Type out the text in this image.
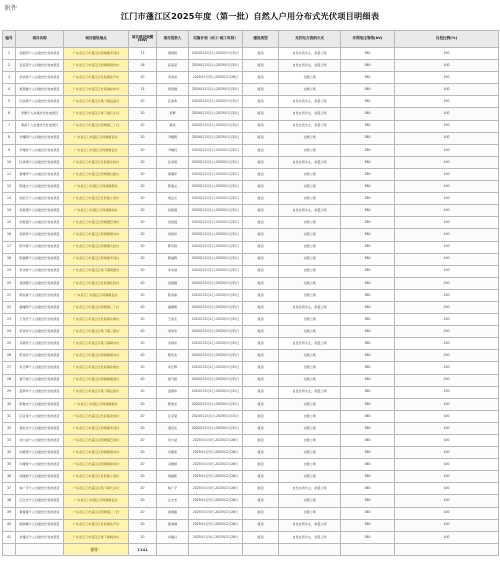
附件
江门市蓬江区2025年度（第一批）自然人户用分布式光伏项目明细表
编号	项目名称	项目建设地点	项目建设规模(kW)	项目投资人	实施计划（动工-竣工时间）	建设类型	光伏电力消纳方式	并网电压等级(kV)	自投比例(%)
1	谭炳阳个人自建光伏发电项目	广东省江门市蓬江区荷塘镇禾冈村	13	谭炳阳	2024年12月1日-2025年1月31日	屋顶	自发自用为主，余量上网	380	100
2	张家荣个人自建光伏发电项目	广东省江门市蓬江区荷塘镇塔岗村	16	张家荣	2024年12月1日-2025年1月31日	屋顶	自发自用为主，余量上网	380	100
3	李沛堂个人自建光伏发电项目	广东省江门市蓬江区杜阮镇北芦村	20	李沛堂	2025年1月5日-2025年2月28日	屋顶	全额上网	380	100
4	黄恩楠个人自建光伏发电项目	广东省江门市蓬江区杜阮镇松岭村	15	黄恩楠	2024年11月1日-2025年1月31日	屋顶	全额上网	380	100
5	区润欢个人自建光伏发电项目	广东省江门市蓬江区棠下镇良溪村	20	区润欢	2024年12月1日-2025年1月31日	屋顶	自发自用为主，余量上网	380	100
6	李群个人自建光伏发电项目	广东省江门市蓬江区棠下镇石头村	20	李群	2024年12月1日-2025年1月31日	屋顶	自发自用为主，余量上网	380	100
7	黄庭个人自建光伏发电项目	广东省江门市蓬江区荷塘镇三丫村	20	黄庭	2024年12月1日-2025年1月31日	屋顶	自发自用为主，余量上网	380	100
8	尹耀明个人自建光伏发电项目	广东省江门市蓬江区荷塘镇良村	20	尹耀明	2024年12月1日-2025年1月31日	屋顶	全额上网	380	100
9	尹耀柱个人自建光伏发电项目	广东省江门市蓬江区荷塘镇良村	20	尹耀柱	2024年12月1日-2025年1月31日	屋顶	全额上网	380	100
10	区卓棠个人自建光伏发电项目	广东省江门市蓬江区杜阮镇龙榜村	20	区卓棠	2024年12月1日-2025年1月31日	屋顶	自发自用为主，余量上网	380	100
11	黄耀军个人自建光伏发电项目	广东省江门市蓬江区荷塘镇白藤村	20	黄耀军	2024年12月1日-2025年1月31日	屋顶	全额上网	380	100
12	陈建文个人自建光伏发电项目	广东省江门市蓬江区荷塘镇霞村	20	陈建文	2024年12月1日-2025年1月31日	屋顶	全额上网	380	100
13	胡启元个人自建光伏发电项目	广东省江门市蓬江区杜阮镇上巷村	20	胡启元	2024年12月1日-2025年1月31日	屋顶	全额上网	380	100
14	容智强个人自建光伏发电项目	广东省江门市蓬江区荷塘镇南村	20	容智强	2024年12月1日-2025年1月31日	屋顶	自发自用为主，余量上网	380	100
15	冼智超个人自建光伏发电项目	广东省江门市蓬江区荷塘镇篁湾村	20	冼智超	2024年12月1日-2025年1月31日	屋顶	全额上网	380	100
16	刘荣祥个人自建光伏发电项目	广东省江门市蓬江区荷塘镇塔岗村	20	刘荣祥	2024年12月1日-2025年1月31日	屋顶	全额上网	380	100
17	陈华锋个人自建光伏发电项目	广东省江门市蓬江区荷塘镇为民村	20	陈华锋	2024年12月1日-2025年1月31日	屋顶	全额上网	380	100
18	陈福辉个人自建光伏发电项目	广东省江门市蓬江区荷塘镇禾冈村	20	陈福辉	2024年12月1日-2025年1月31日	屋顶	全额上网	380	100
19	李永财个人自建光伏发电项目	广东省江门市蓬江区棠下镇周郡村	20	李永财	2024年12月1日-2025年1月31日	屋顶	全额上网	380	100
20	袁国强个人自建光伏发电项目	广东省江门市蓬江区杜阮镇杜阮村	20	袁国强	2024年12月1日-2025年1月31日	屋顶	全额上网	380	100
21	陈家豪个人自建光伏发电项目	广东省江门市蓬江区荷塘镇良村	20	陈家豪	2024年12月1日-2025年1月31日	屋顶	全额上网	380	100
22	谢耀明个人自建光伏发电项目	广东省江门市蓬江区荷塘镇三丫村	20	谢耀明	2024年12月1日-2025年1月31日	屋顶	自发自用为主，余量上网	380	100
23	王伟忠个人自建光伏发电项目	广东省江门市蓬江区杜阮镇木朗村	20	王伟忠	2024年12月1日-2025年1月31日	屋顶	全额上网	380	100
24	李伟华个人自建光伏发电项目	广东省江门市蓬江区棠下镇三堡村	20	李伟华	2024年12月1日-2025年1月31日	屋顶	全额上网	380	100
25	邓锦泉个人自建光伏发电项目	广东省江门市蓬江区棠下镇桐井村	20	邓锦泉	2024年12月1日-2025年1月31日	屋顶	自发自用为主，余量上网	380	100
26	陈伟杰个人自建光伏发电项目	广东省江门市蓬江区荷塘镇塔岗村	20	陈伟杰	2024年12月1日-2025年1月31日	屋顶	全额上网	380	100
27	李志辉个人自建光伏发电项目	广东省江门市蓬江区杜阮镇井根村	20	李志辉	2024年12月1日-2025年1月31日	屋顶	全额上网	380	100
28	黄乃裕个人自建光伏发电项目	广东省江门市蓬江区荷塘镇康溪村	20	黄乃裕	2024年12月1日-2025年1月31日	屋顶	全额上网	380	100
29	温锦华个人自建光伏发电项目	广东省江门市蓬江区棠下镇良溪村	20	温锦华	2024年12月1日-2025年1月31日	屋顶	自发自用为主，余量上网	380	100
30	陈俊杰个人自建光伏发电项目	广东省江门市蓬江区荷塘镇霞村	20	陈俊杰	2024年12月1日-2025年1月31日	屋顶	全额上网	380	100
31	区亚棠个人自建光伏发电项目	广东省江门市蓬江区杜阮镇龙榜村	20	区亚棠	2024年12月1日-2025年1月31日	屋顶	全额上网	380	100
32	谭启达个人自建光伏发电项目	广东省江门市蓬江区荷塘镇禾冈村	20	谭启达	2024年12月1日-2025年1月31日	屋顶	全额上网	380	100
33	何大斌个人自建光伏发电项目	广东省江门市蓬江区荷塘镇篁湾村	20	何大斌	2025年1月5日-2025年2月28日	屋顶	全额上网	380	100
34	冯维泰个人自建光伏发电项目	广东省江门市蓬江区荷塘镇塔岗村	20	冯维泰	2025年1月5日-2025年2月28日	屋顶	全额上网	380	100
35	冯雅婷个人自建光伏发电项目	广东省江门市蓬江区荷塘镇塔岗村	20	冯雅婷	2025年1月5日-2025年2月28日	屋顶	全额上网	380	100
36	胡建新个人自建光伏发电项目	广东省江门市蓬江区杜阮镇上巷村	20	胡建新	2025年1月5日-2025年2月28日	屋顶	全额上网	380	100
37	杨广平个人自建光伏发电项目	广东省江门市蓬江区棠下镇天乡村	20	杨广平	2025年1月5日-2025年2月28日	屋顶	自发自用为主，余量上网	380	100
38	江志杰个人自建光伏发电项目	广东省江门市蓬江区荷塘镇良村	20	江志杰	2025年1月5日-2025年2月28日	屋顶	全额上网	380	100
39	黄健康个人自建光伏发电项目	广东省江门市蓬江区荷塘镇三丫村	20	黄健康	2025年1月5日-2025年2月28日	屋顶	全额上网	380	100
40	陆润楠个人自建光伏发电项目	广东省江门市蓬江区杜阮镇北芦村	20	陆润楠	2025年1月5日-2025年2月28日	屋顶	自发自用为主，余量上网	380	100
41	肖耀兴个人自建光伏发电项目	广东省江门市蓬江区棠下镇桐井村	20	肖耀兴	2025年1月5日-2025年2月28日	屋顶	自发自用为主，余量上网	380	100
		合计：	1141						
